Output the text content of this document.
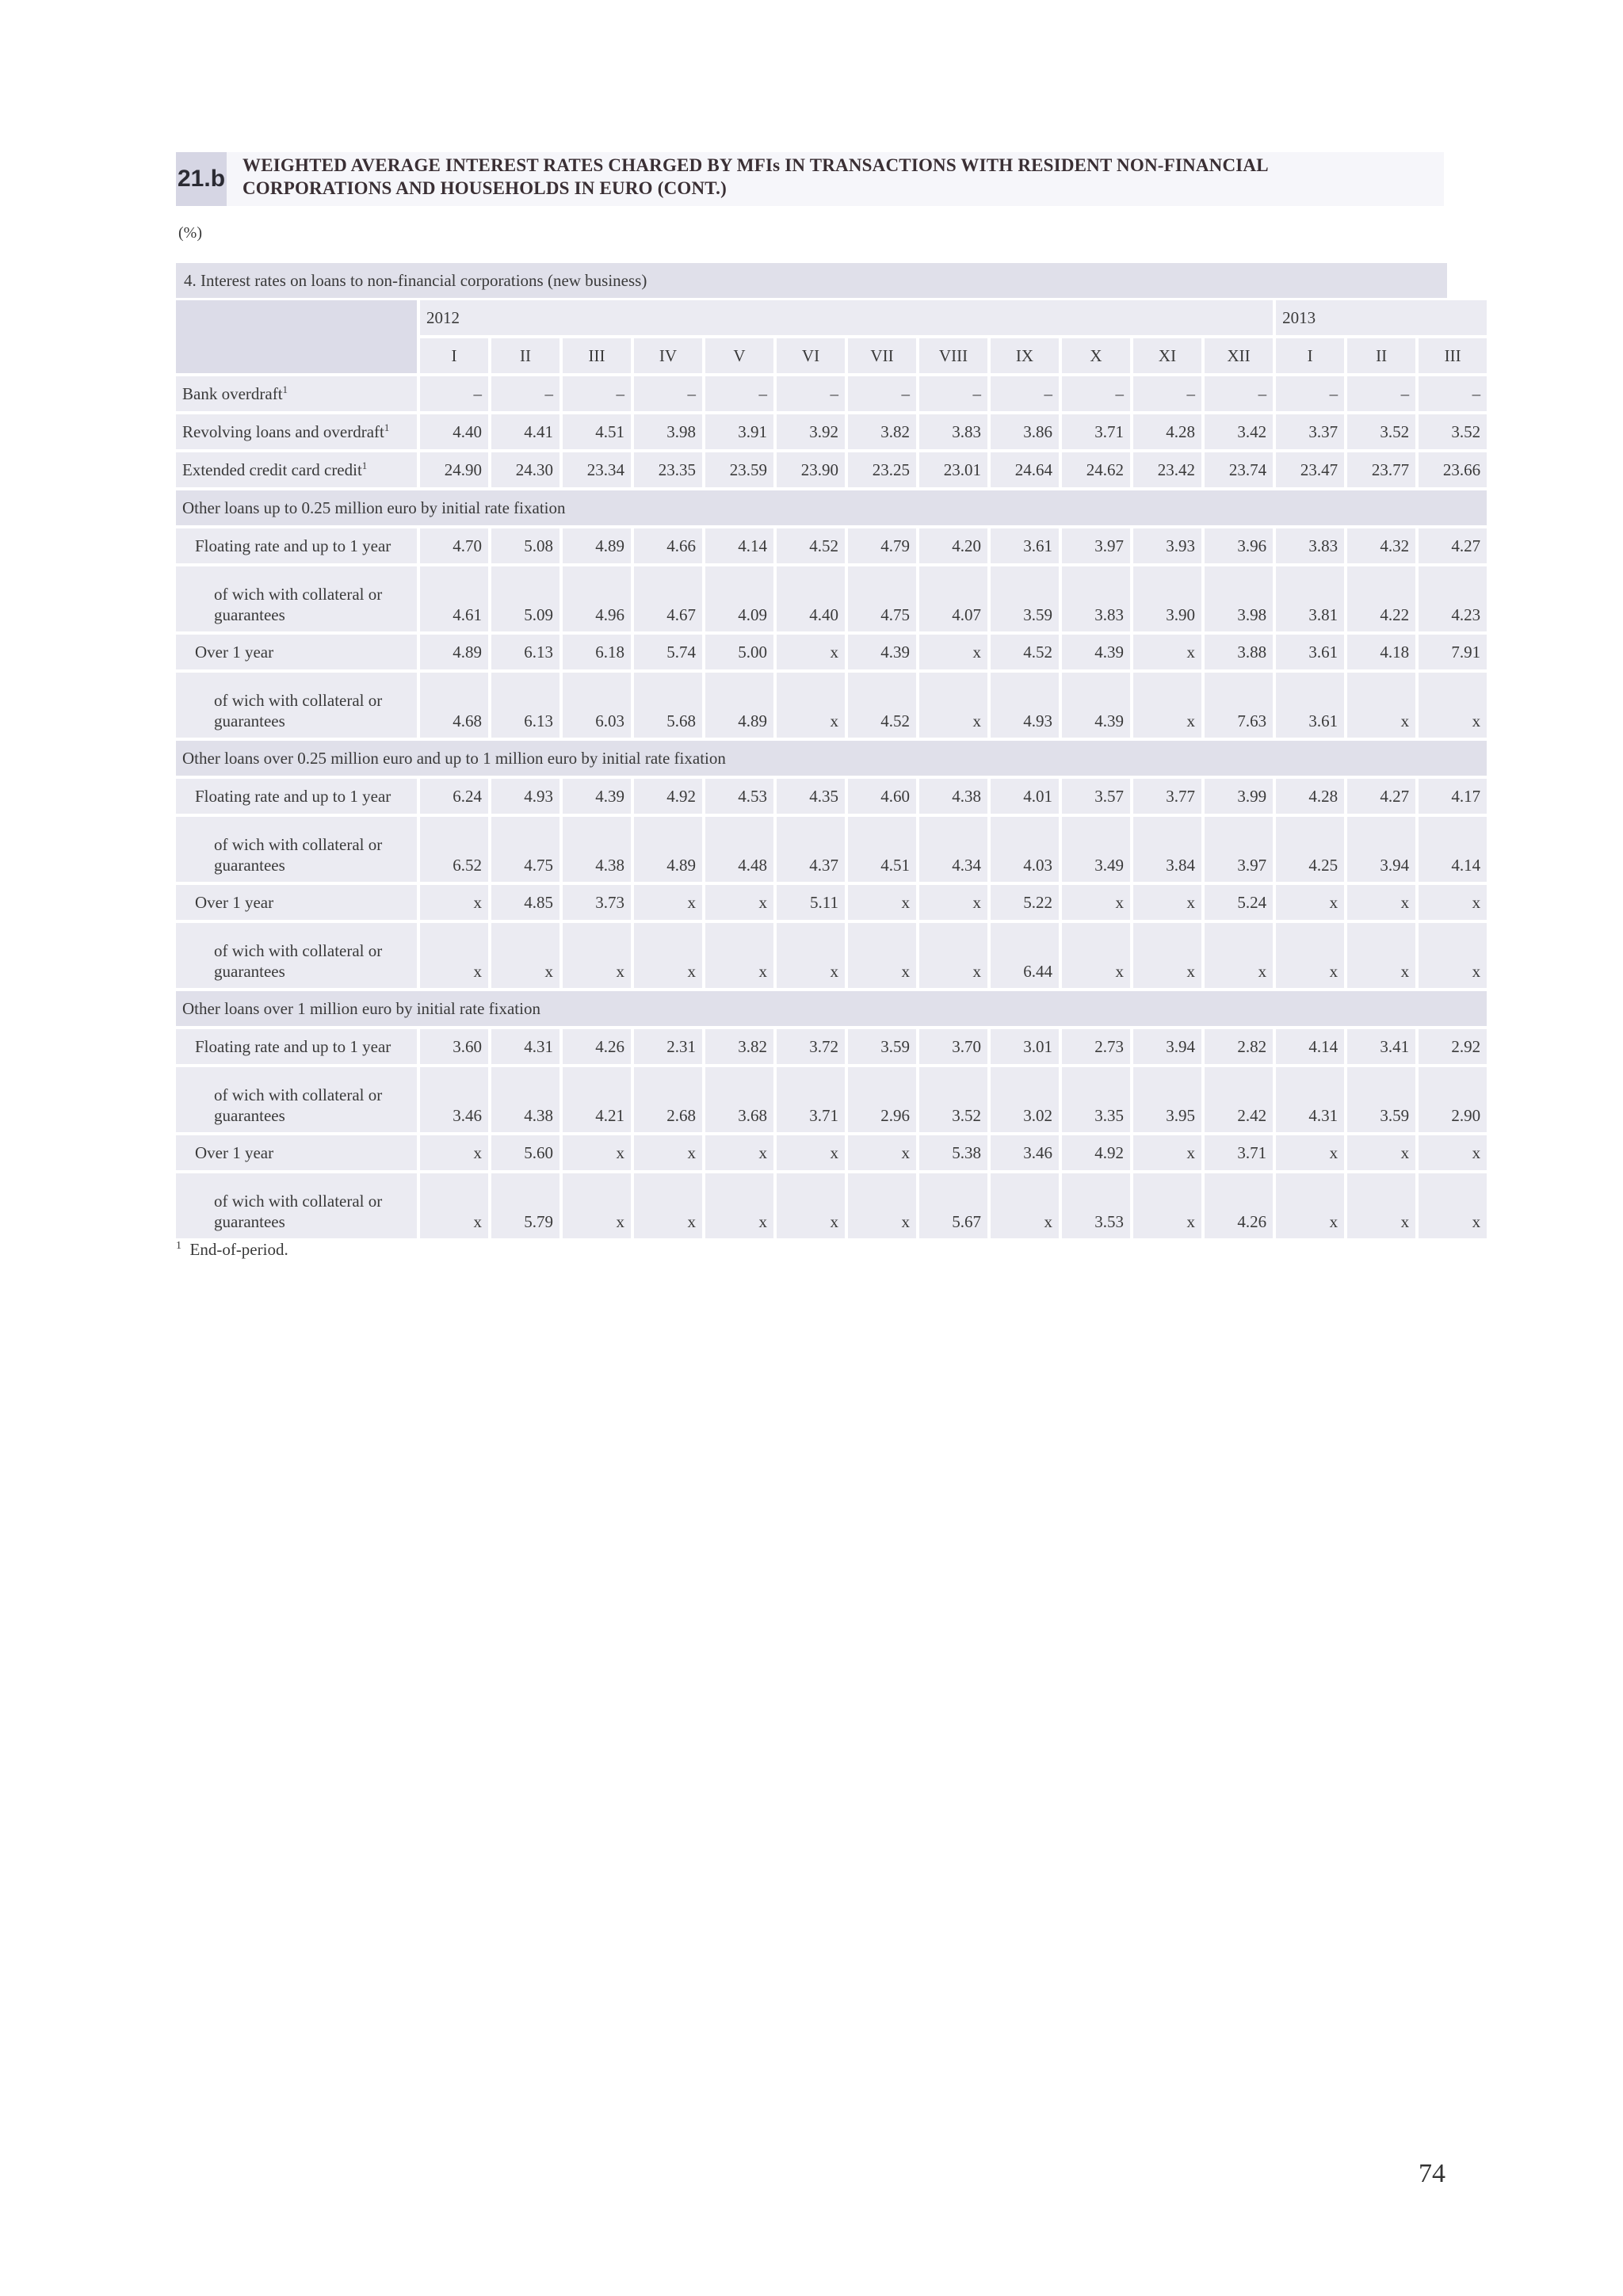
21.b
WEIGHTED AVERAGE INTEREST RATES CHARGED BY MFIs IN TRANSACTIONS WITH RESIDENT NON-FINANCIAL
CORPORATIONS AND HOUSEHOLDS IN EURO (CONT.)
(%)
4. Interest rates on loans to non-financial corporations (new business)
	2012												2013		
	I	II	III	IV	V	VI	VII	VIII	IX	X	XI	XII	I	II	III
Bank overdraft$^1$	–	–	–	–	–	–	–	–	–	–	–	–	–	–	–
Revolving loans and overdraft$^1$	4.40	4.41	4.51	3.98	3.91	3.92	3.82	3.83	3.86	3.71	4.28	3.42	3.37	3.52	3.52
Extended credit card credit$^1$	24.90	24.30	23.34	23.35	23.59	23.90	23.25	23.01	24.64	24.62	23.42	23.74	23.47	23.77	23.66
Other loans up to 0.25 million euro by initial rate fixation															
Floating rate and up to 1 year	4.70	5.08	4.89	4.66	4.14	4.52	4.79	4.20	3.61	3.97	3.93	3.96	3.83	4.32	4.27

of wich with collateral or
guarantees	4.61	5.09	4.96	4.67	4.09	4.40	4.75	4.07	3.59	3.83	3.90	3.98	3.81	4.22	4.23
Over 1 year	4.89	6.13	6.18	5.74	5.00	x	4.39	x	4.52	4.39	x	3.88	3.61	4.18	7.91

of wich with collateral or
guarantees	4.68	6.13	6.03	5.68	4.89	x	4.52	x	4.93	4.39	x	7.63	3.61	x	x
Other loans over 0.25 million euro and up to 1 million euro by initial rate fixation															
Floating rate and up to 1 year	6.24	4.93	4.39	4.92	4.53	4.35	4.60	4.38	4.01	3.57	3.77	3.99	4.28	4.27	4.17

of wich with collateral or
guarantees	6.52	4.75	4.38	4.89	4.48	4.37	4.51	4.34	4.03	3.49	3.84	3.97	4.25	3.94	4.14
Over 1 year	x	4.85	3.73	x	x	5.11	x	x	5.22	x	x	5.24	x	x	x

of wich with collateral or
guarantees	x	x	x	x	x	x	x	x	6.44	x	x	x	x	x	x
Other loans over 1 million euro by initial rate fixation															
Floating rate and up to 1 year	3.60	4.31	4.26	2.31	3.82	3.72	3.59	3.70	3.01	2.73	3.94	2.82	4.14	3.41	2.92

of wich with collateral or
guarantees	3.46	4.38	4.21	2.68	3.68	3.71	2.96	3.52	3.02	3.35	3.95	2.42	4.31	3.59	2.90
Over 1 year	x	5.60	x	x	x	x	x	5.38	3.46	4.92	x	3.71	x	x	x

of wich with collateral or
guarantees	x	5.79	x	x	x	x	x	5.67	x	3.53	x	4.26	x	x	x
$^1$ End-of-period.
74
